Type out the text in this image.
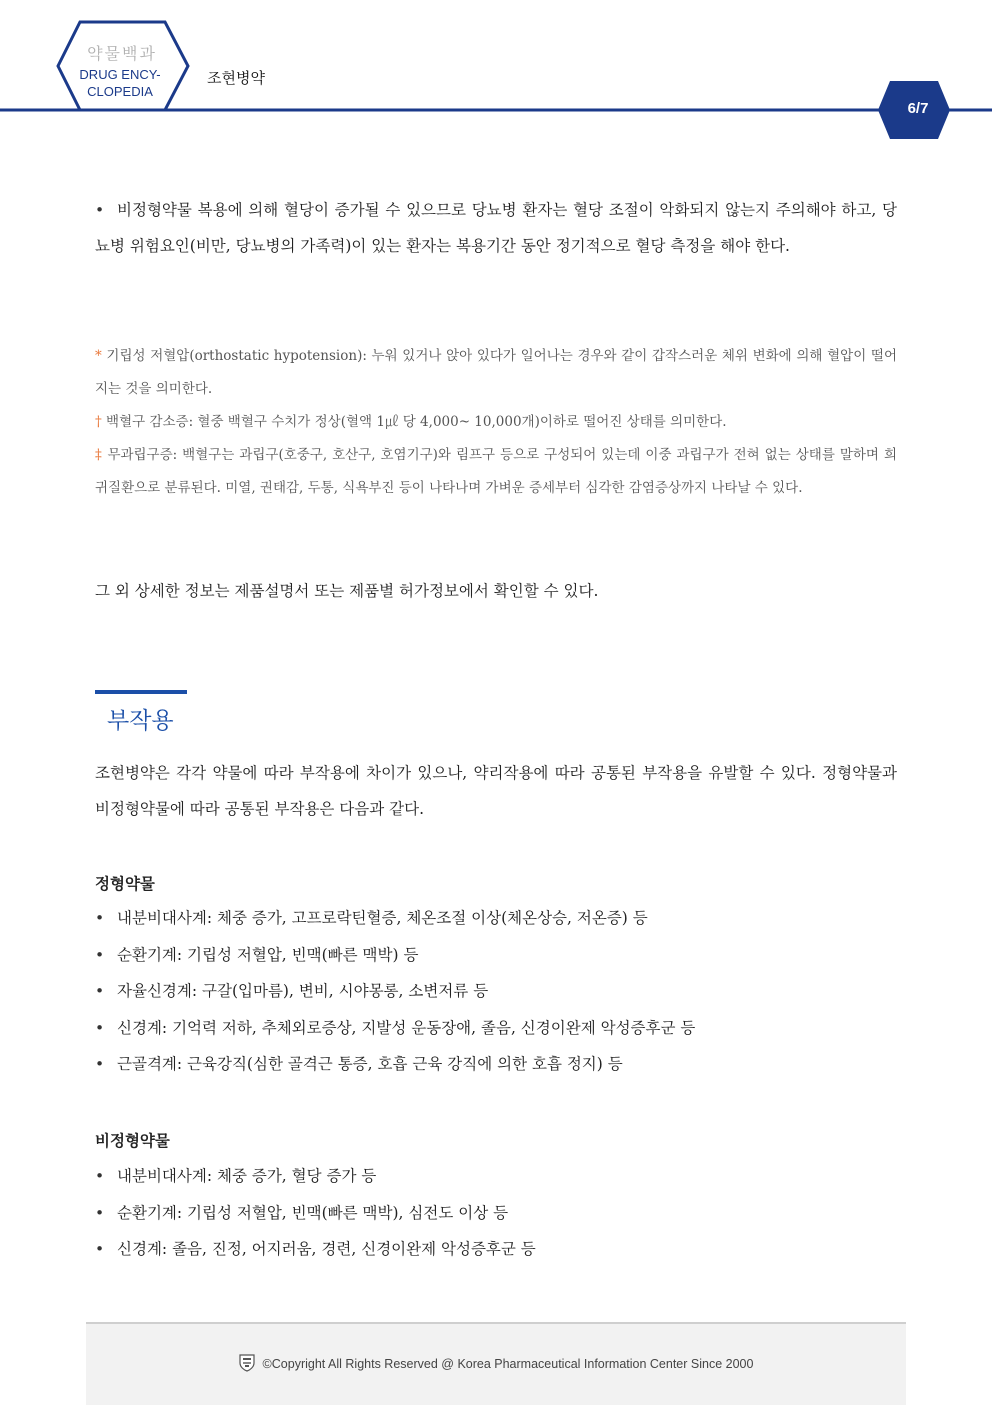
약물백과
DRUG ENCY-
CLOPEDIA
조현병약
6/7
• 비정형약물 복용에 의해 혈당이 증가될 수 있으므로 당뇨병 환자는 혈당 조절이 악화되지 않는지 주의해야 하고, 당뇨병 위험요인(비만, 당뇨병의 가족력)이 있는 환자는 복용기간 동안 정기적으로 혈당 측정을 해야 한다.

* 기립성 저혈압(orthostatic hypotension): 누워 있거나 앉아 있다가 일어나는 경우와 같이 갑작스러운 체위 변화에 의해 혈압이 떨어지는 것을 의미한다.

† 백혈구 감소증: 혈중 백혈구 수치가 정상(혈액 1㎕ 당 4,000~ 10,000개)이하로 떨어진 상태를 의미한다.

‡ 무과립구증: 백혈구는 과립구(호중구, 호산구, 호염기구)와 림프구 등으로 구성되어 있는데 이중 과립구가 전혀 없는 상태를 말하며 희귀질환으로 분류된다. 미열, 권태감, 두통, 식욕부진 등이 나타나며 가벼운 증세부터 심각한 감염증상까지 나타날 수 있다.

그 외 상세한 정보는 제품설명서 또는 제품별 허가정보에서 확인할 수 있다.
부작용
조현병약은 각각 약물에 따라 부작용에 차이가 있으나, 약리작용에 따라 공통된 부작용을 유발할 수 있다. 정형약물과 비정형약물에 따라 공통된 부작용은 다음과 같다.
정형약물
• 내분비대사계: 체중 증가, 고프로락틴혈증, 체온조절 이상(체온상승, 저온증) 등
• 순환기계: 기립성 저혈압, 빈맥(빠른 맥박) 등
• 자율신경계: 구갈(입마름), 변비, 시야몽롱, 소변저류 등
• 신경계: 기억력 저하, 추체외로증상, 지발성 운동장애, 졸음, 신경이완제 악성증후군 등
• 근골격계: 근육강직(심한 골격근 통증, 호흡 근육 강직에 의한 호흡 정지) 등
비정형약물
• 내분비대사계: 체중 증가, 혈당 증가 등
• 순환기계: 기립성 저혈압, 빈맥(빠른 맥박), 심전도 이상 등
• 신경계: 졸음, 진정, 어지러움, 경련, 신경이완제 악성증후군 등
©Copyright All Rights Reserved @ Korea Pharmaceutical Information Center Since 2000
